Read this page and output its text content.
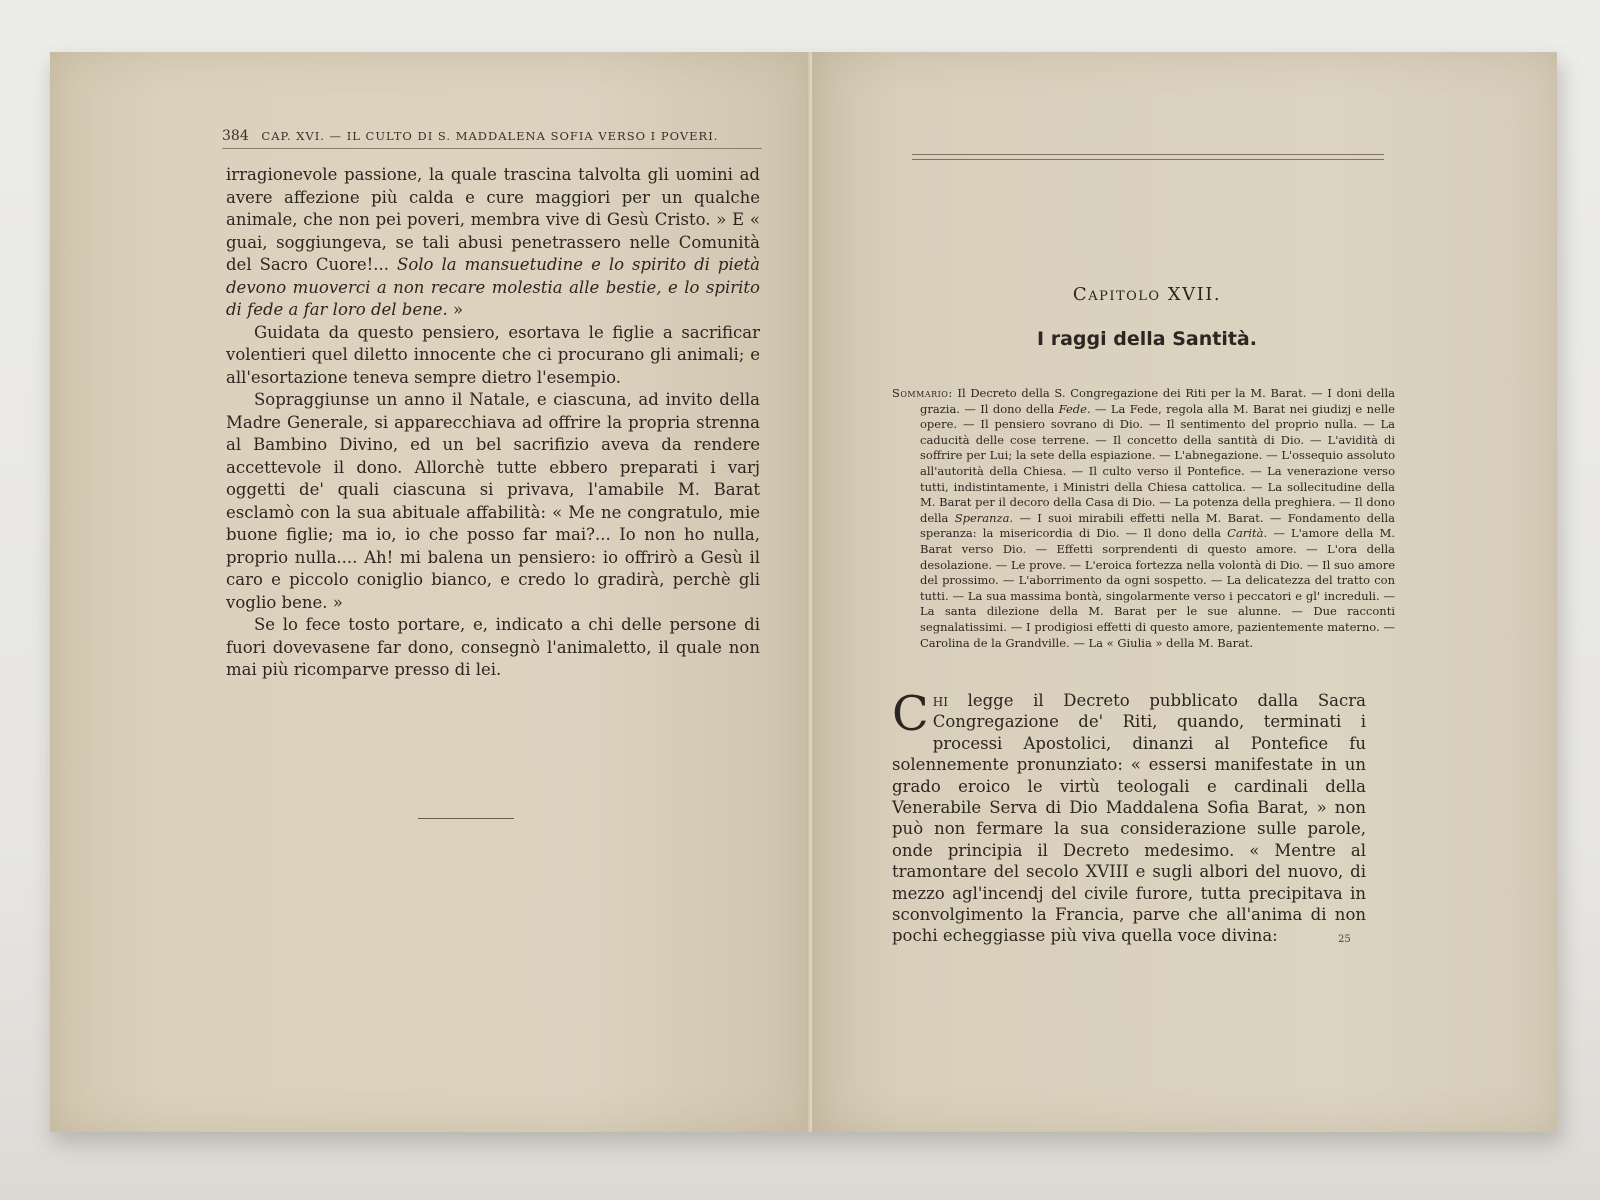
384 CAP. XVI. — IL CULTO DI S. MADDALENA SOFIA VERSO I POVERI.

irragionevole passione, la quale trascina talvolta gli uomini ad avere affezione più calda e cure maggiori per un qualche animale, che non pei poveri, membra vive di Gesù Cristo. » E « guai, soggiungeva, se tali abusi penetrassero nelle Comunità del Sacro Cuore!... Solo la mansuetudine e lo spirito di pietà devono muoverci a non recare molestia alle bestie, e lo spirito di fede a far loro del bene. »

Guidata da questo pensiero, esortava le figlie a sacrificar volentieri quel diletto innocente che ci procurano gli animali; e all'esortazione teneva sempre dietro l'esempio.

Sopraggiunse un anno il Natale, e ciascuna, ad invito della Madre Generale, si apparecchiava ad offrire la propria strenna al Bambino Divino, ed un bel sacrifizio aveva da rendere accettevole il dono. Allorchè tutte ebbero preparati i varj oggetti de' quali ciascuna si privava, l'amabile M. Barat esclamò con la sua abituale affabilità: « Me ne congratulo, mie buone figlie; ma io, io che posso far mai?... Io non ho nulla, proprio nulla.... Ah! mi balena un pensiero: io offrirò a Gesù il caro e piccolo coniglio bianco, e credo lo gradirà, perchè gli voglio bene. »

Se lo fece tosto portare, e, indicato a chi delle persone di fuori dovevasene far dono, consegnò l'animaletto, il quale non mai più ricomparve presso di lei.

Capitolo XVII.
I raggi della Santità.
Sommario: Il Decreto della S. Congregazione dei Riti per la M. Barat. — I doni della grazia. — Il dono della Fede. — La Fede, regola alla M. Barat nei giudizj e nelle opere. — Il pensiero sovrano di Dio. — Il sentimento del proprio nulla. — La caducità delle cose terrene. — Il concetto della santità di Dio. — L'avidità di soffrire per Lui; la sete della espiazione. — L'abnegazione. — L'ossequio assoluto all'autorità della Chiesa. — Il culto verso il Pontefice. — La venerazione verso tutti, indistintamente, i Ministri della Chiesa cattolica. — La sollecitudine della M. Barat per il decoro della Casa di Dio. — La potenza della preghiera. — Il dono della Speranza. — I suoi mirabili effetti nella M. Barat. — Fondamento della speranza: la misericordia di Dio. — Il dono della Carità. — L'amore della M. Barat verso Dio. — Effetti sorprendenti di questo amore. — L'ora della desolazione. — Le prove. — L'eroica fortezza nella volontà di Dio. — Il suo amore del prossimo. — L'aborrimento da ogni sospetto. — La delicatezza del tratto con tutti. — La sua massima bontà, singolarmente verso i peccatori e gl' increduli. — La santa dilezione della M. Barat per le sue alunne. — Due racconti segnalatissimi. — I prodigiosi effetti di questo amore, pazientemente materno. — Carolina de la Grandville. — La « Giulia » della M. Barat.
Chi legge il Decreto pubblicato dalla Sacra Congregazione de' Riti, quando, terminati i processi Apostolici, dinanzi al Pontefice fu solennemente pronunziato: « essersi manifestate in un grado eroico le virtù teologali e cardinali della Venerabile Serva di Dio Maddalena Sofia Barat, » non può non fermare la sua considerazione sulle parole, onde principia il Decreto medesimo. « Mentre al tramontare del secolo XVIII e sugli albori del nuovo, di mezzo agl'incendj del civile furore, tutta precipitava in sconvolgimento la Francia, parve che all'anima di non pochi echeggiasse più viva quella voce divina:	25
